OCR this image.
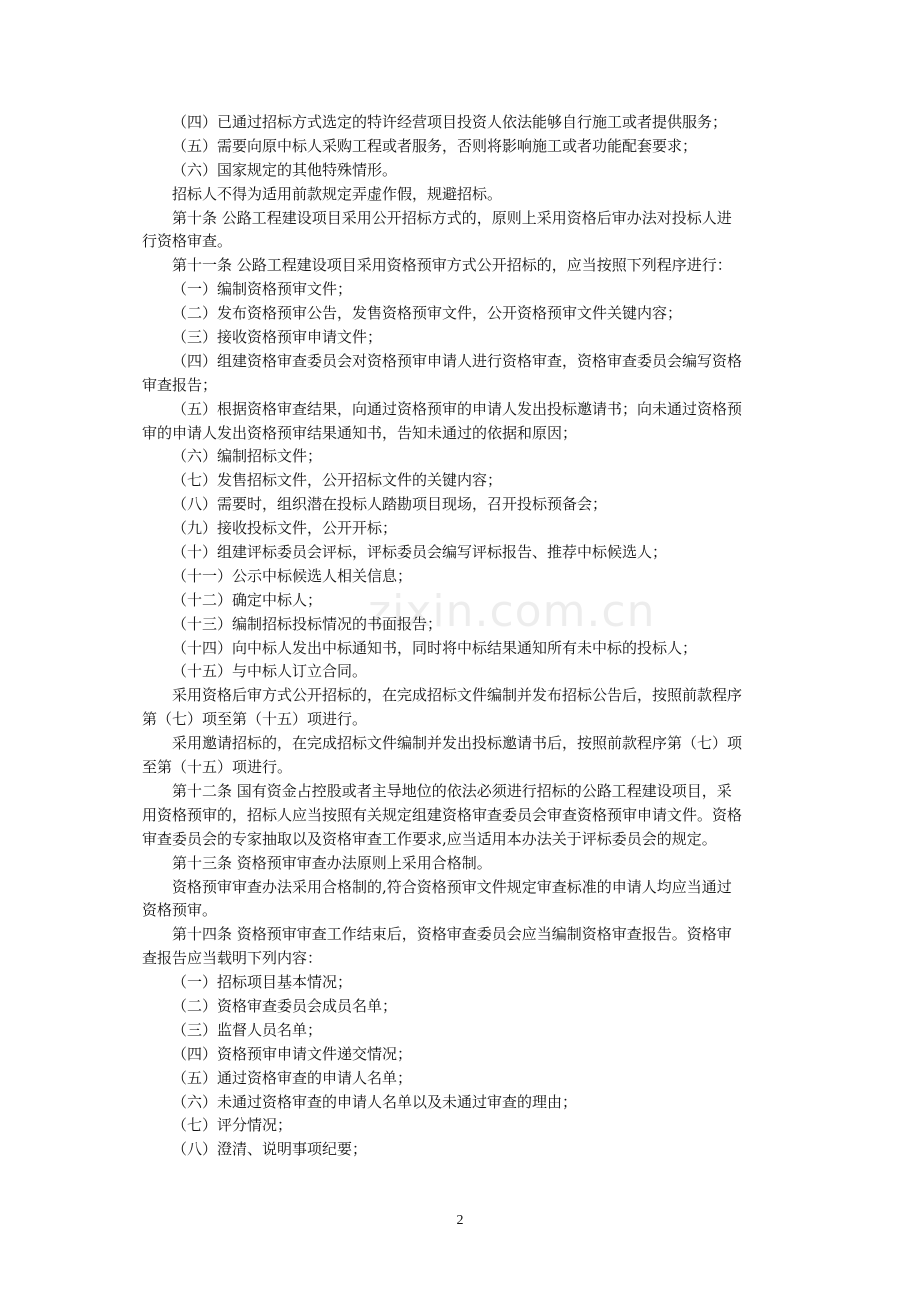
zixin.com.cn
（四）已通过招标方式选定的特许经营项目投资人依法能够自行施工或者提供服务；
（五）需要向原中标人采购工程或者服务，否则将影响施工或者功能配套要求；
（六）国家规定的其他特殊情形。
招标人不得为适用前款规定弄虚作假，规避招标。
第十条 公路工程建设项目采用公开招标方式的，原则上采用资格后审办法对投标人进
行资格审查。
第十一条 公路工程建设项目采用资格预审方式公开招标的，应当按照下列程序进行：
（一）编制资格预审文件；
（二）发布资格预审公告，发售资格预审文件，公开资格预审文件关键内容；
（三）接收资格预审申请文件；
（四）组建资格审查委员会对资格预审申请人进行资格审查，资格审查委员会编写资格
审查报告；
（五）根据资格审查结果，向通过资格预审的申请人发出投标邀请书；向未通过资格预
审的申请人发出资格预审结果通知书，告知未通过的依据和原因；
（六）编制招标文件；
（七）发售招标文件，公开招标文件的关键内容；
（八）需要时，组织潜在投标人踏勘项目现场，召开投标预备会；
（九）接收投标文件，公开开标；
（十）组建评标委员会评标，评标委员会编写评标报告、推荐中标候选人；
（十一）公示中标候选人相关信息；
（十二）确定中标人；
（十三）编制招标投标情况的书面报告；
（十四）向中标人发出中标通知书，同时将中标结果通知所有未中标的投标人；
（十五）与中标人订立合同。
采用资格后审方式公开招标的，在完成招标文件编制并发布招标公告后，按照前款程序
第（七）项至第（十五）项进行。
采用邀请招标的，在完成招标文件编制并发出投标邀请书后，按照前款程序第（七）项
至第（十五）项进行。
第十二条 国有资金占控股或者主导地位的依法必须进行招标的公路工程建设项目，采
用资格预审的，招标人应当按照有关规定组建资格审查委员会审查资格预审申请文件。资格
审查委员会的专家抽取以及资格审查工作要求,应当适用本办法关于评标委员会的规定。
第十三条 资格预审审查办法原则上采用合格制。
资格预审审查办法采用合格制的,符合资格预审文件规定审查标准的申请人均应当通过
资格预审。
第十四条 资格预审审查工作结束后，资格审查委员会应当编制资格审查报告。资格审
查报告应当载明下列内容：
（一）招标项目基本情况；
（二）资格审查委员会成员名单；
（三）监督人员名单；
（四）资格预审申请文件递交情况；
（五）通过资格审查的申请人名单；
（六）未通过资格审查的申请人名单以及未通过审查的理由；
（七）评分情况；
（八）澄清、说明事项纪要；
2
